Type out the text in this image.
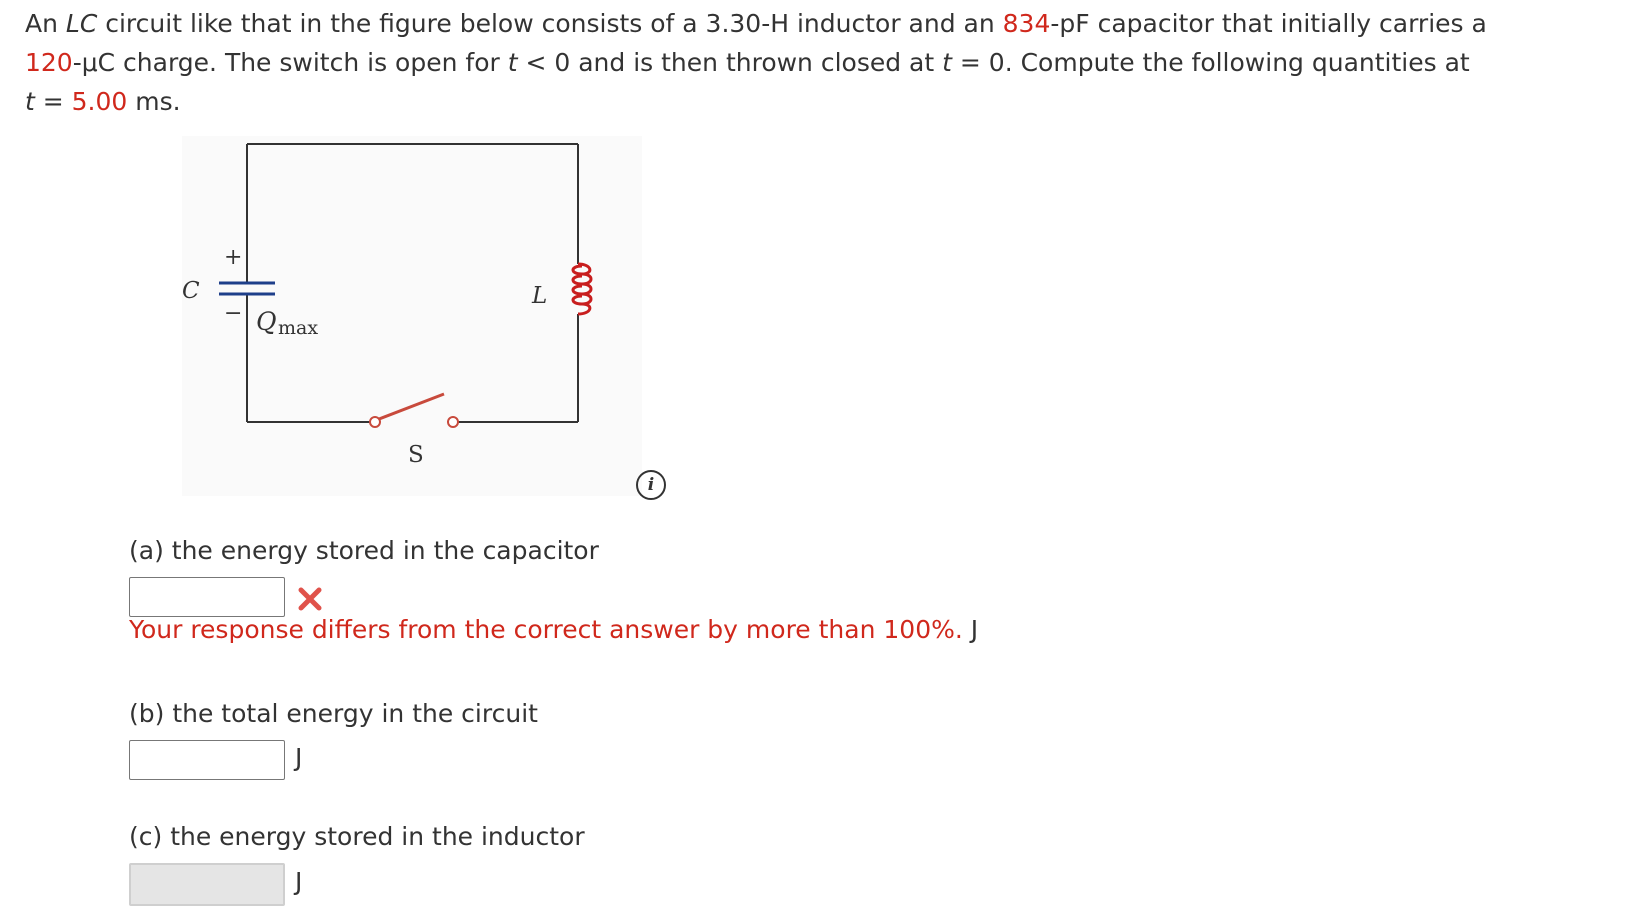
An LC circuit like that in the figure below consists of a 3.30-H inductor and an 834-pF capacitor that initially carries a
120-μC charge. The switch is open for t < 0 and is then thrown closed at t = 0. Compute the following quantities at
t = 5.00 ms.
+
−
C	L
Q max
S
i
(a) the energy stored in the capacitor
Your response differs from the correct answer by more than 100%. J
(b) the total energy in the circuit
J
(c) the energy stored in the inductor
J
